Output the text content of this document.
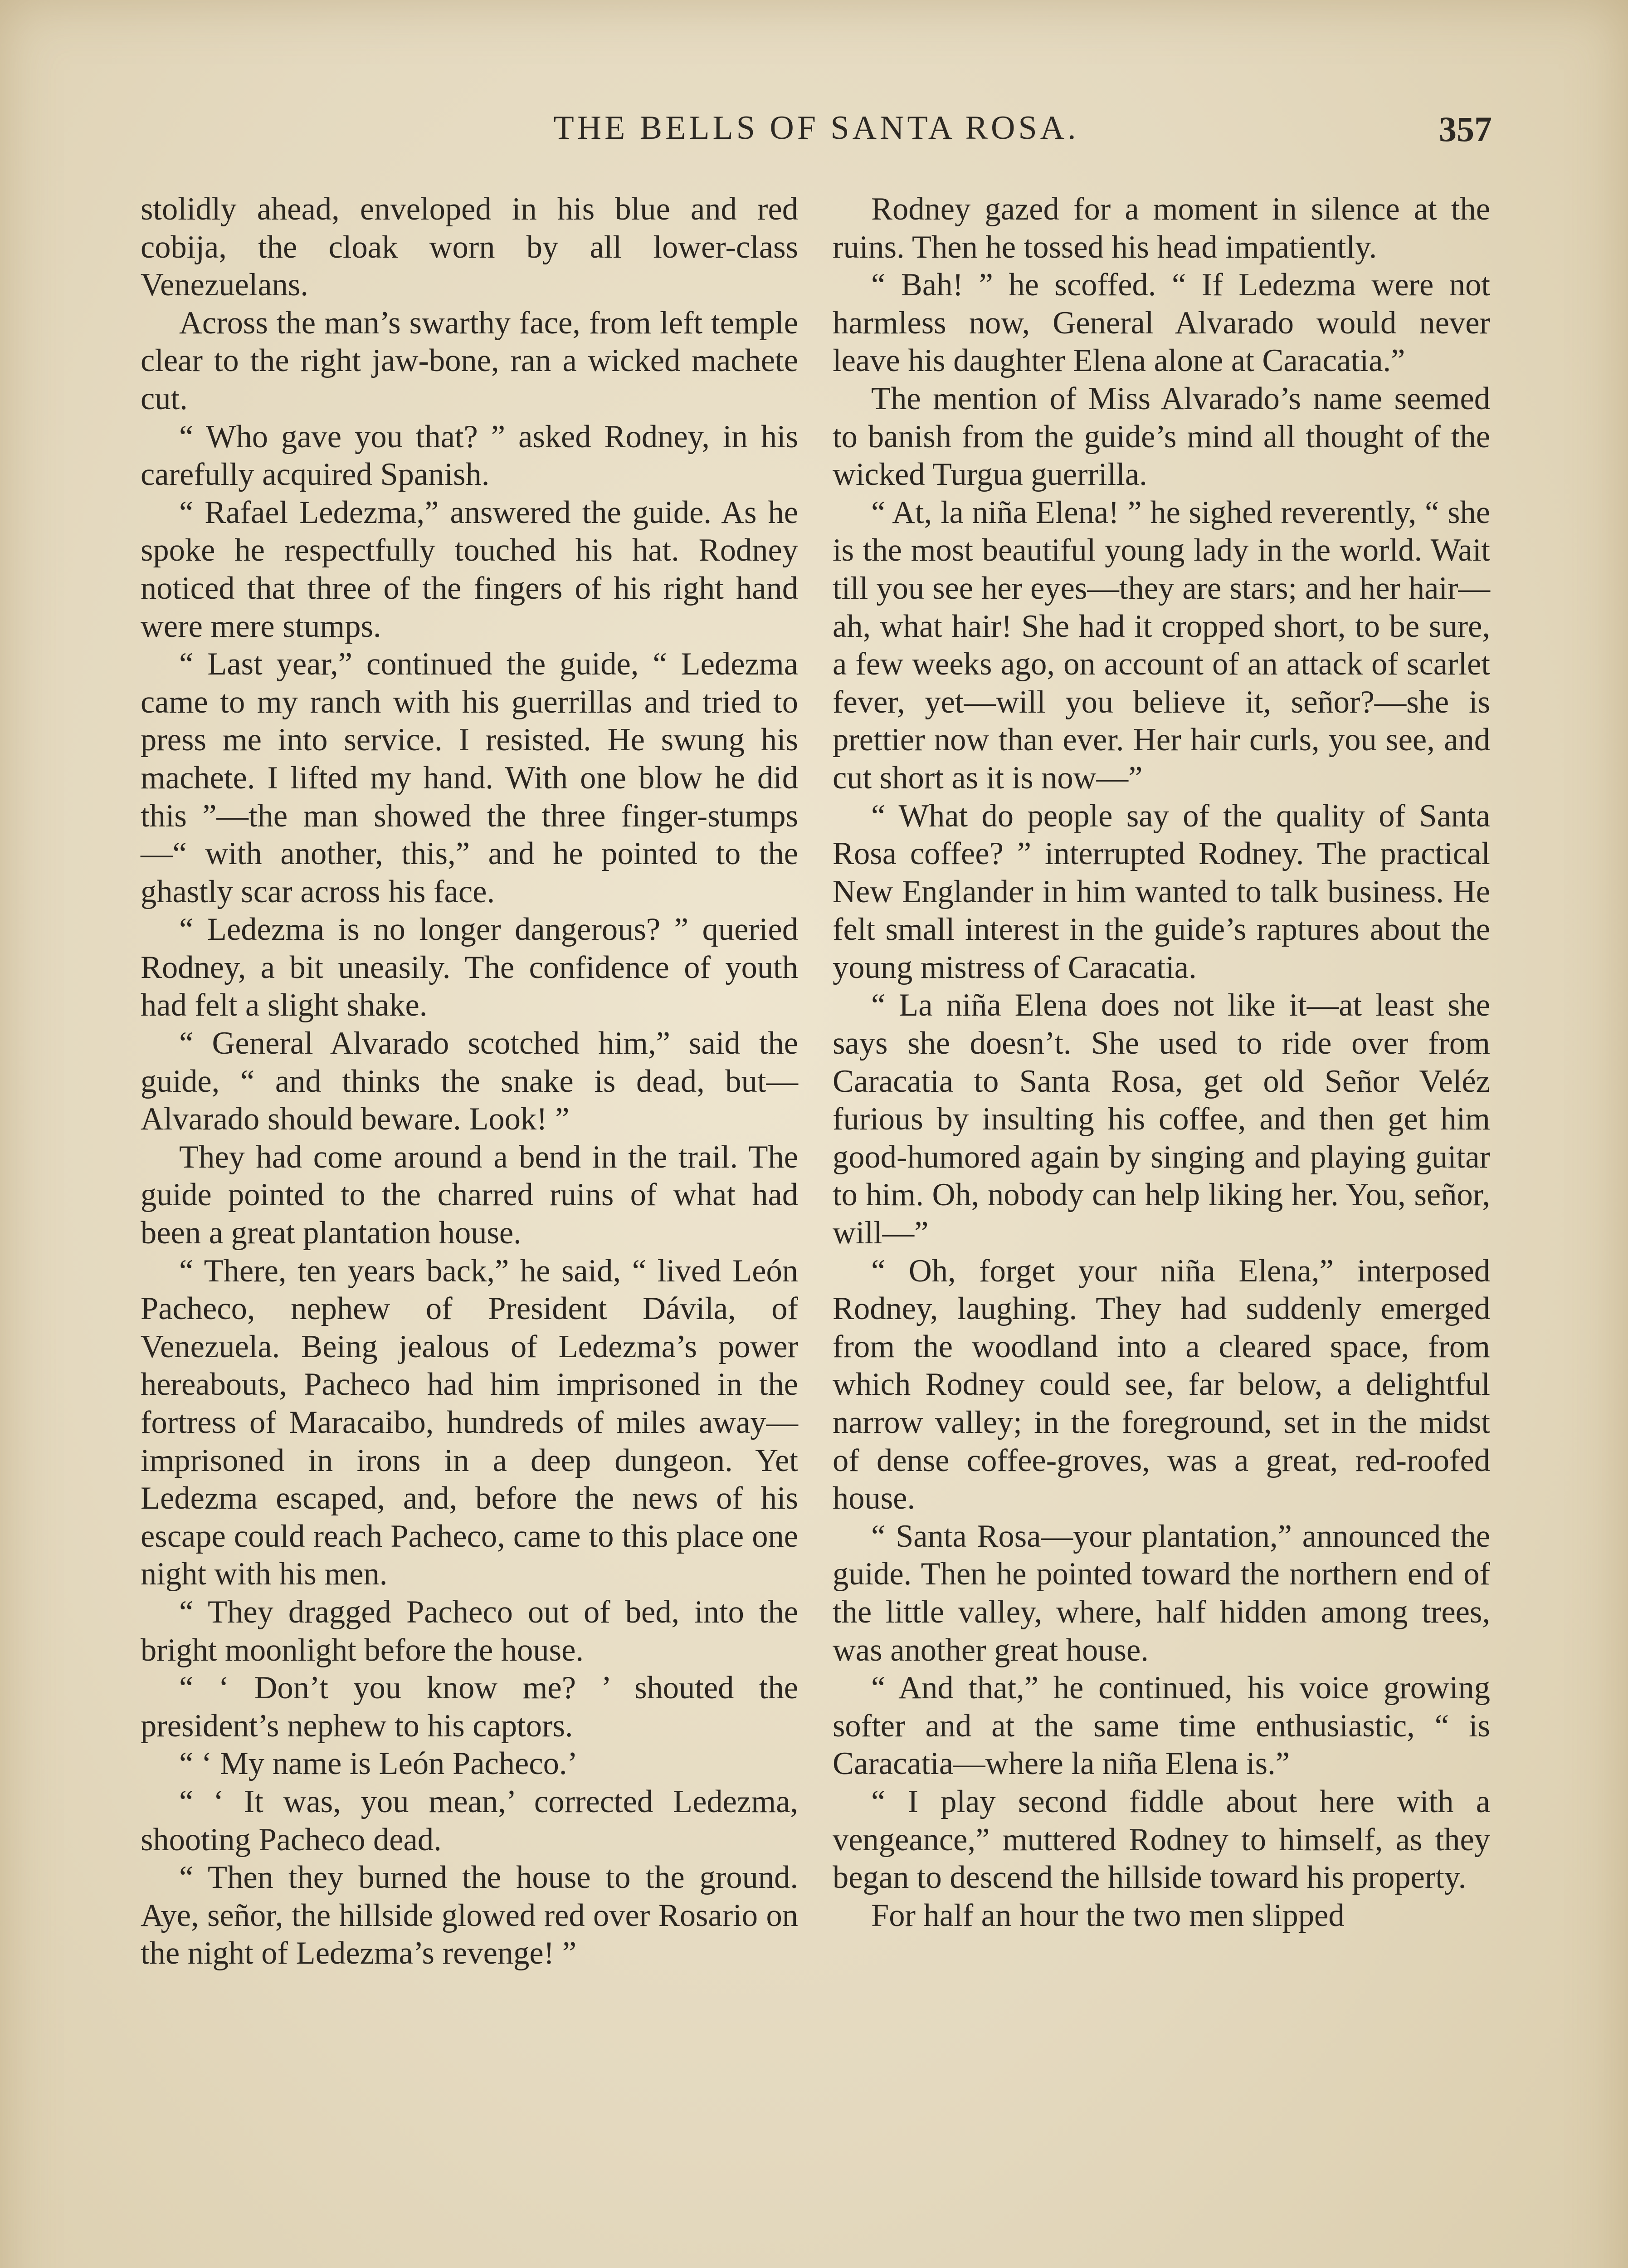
THE BELLS OF SANTA ROSA.	357

stolidly ahead, enveloped in his blue and red cobija, the cloak worn by all lower-class Venezuelans.

Across the man’s swarthy face, from left temple clear to the right jaw-bone, ran a wicked machete cut.

“ Who gave you that? ” asked Rodney, in his carefully acquired Spanish.

“ Rafael Ledezma,” answered the guide. As he spoke he respectfully touched his hat. Rodney noticed that three of the fingers of his right hand were mere stumps.

“ Last year,” continued the guide, “ Ledezma came to my ranch with his guerrillas and tried to press me into service. I resisted. He swung his machete. I lifted my hand. With one blow he did this ”—the man showed the three finger-stumps—“ with another, this,” and he pointed to the ghastly scar across his face.

“ Ledezma is no longer dangerous? ” queried Rodney, a bit uneasily. The confidence of youth had felt a slight shake.

“ General Alvarado scotched him,” said the guide, “ and thinks the snake is dead, but—Alvarado should beware. Look! ”

They had come around a bend in the trail. The guide pointed to the charred ruins of what had been a great plantation house.

“ There, ten years back,” he said, “ lived León Pacheco, nephew of President Dávila, of Venezuela. Being jealous of Ledezma’s power hereabouts, Pacheco had him imprisoned in the fortress of Maracaibo, hundreds of miles away—imprisoned in irons in a deep dungeon. Yet Ledezma escaped, and, before the news of his escape could reach Pacheco, came to this place one night with his men.

“ They dragged Pacheco out of bed, into the bright moonlight before the house.

“ ‘ Don’t you know me? ’ shouted the president’s nephew to his captors.

“ ‘ My name is León Pacheco.’

“ ‘ It was, you mean,’ corrected Ledezma, shooting Pacheco dead.

“ Then they burned the house to the ground. Aye, señor, the hillside glowed red over Rosario on the night of Ledezma’s revenge! ”

Rodney gazed for a moment in silence at the ruins. Then he tossed his head impatiently.

“ Bah! ” he scoffed. “ If Ledezma were not harmless now, General Alvarado would never leave his daughter Elena alone at Caracatia.”

The mention of Miss Alvarado’s name seemed to banish from the guide’s mind all thought of the wicked Turgua guerrilla.

“ At, la niña Elena! ” he sighed reverently, “ she is the most beautiful young lady in the world. Wait till you see her eyes—they are stars; and her hair—ah, what hair! She had it cropped short, to be sure, a few weeks ago, on account of an attack of scarlet fever, yet—will you believe it, señor?—she is prettier now than ever. Her hair curls, you see, and cut short as it is now—”

“ What do people say of the quality of Santa Rosa coffee? ” interrupted Rodney. The practical New Englander in him wanted to talk business. He felt small interest in the guide’s raptures about the young mistress of Caracatia.

“ La niña Elena does not like it—at least she says she doesn’t. She used to ride over from Caracatia to Santa Rosa, get old Señor Veléz furious by insulting his coffee, and then get him good-humored again by singing and playing guitar to him. Oh, nobody can help liking her. You, señor, will—”

“ Oh, forget your niña Elena,” interposed Rodney, laughing. They had suddenly emerged from the woodland into a cleared space, from which Rodney could see, far below, a delightful narrow valley; in the foreground, set in the midst of dense coffee-groves, was a great, red-roofed house.

“ Santa Rosa—your plantation,” announced the guide. Then he pointed toward the northern end of the little valley, where, half hidden among trees, was another great house.

“ And that,” he continued, his voice growing softer and at the same time enthusiastic, “ is Caracatia—where la niña Elena is.”

“ I play second fiddle about here with a vengeance,” muttered Rodney to himself, as they began to descend the hillside toward his property.

For half an hour the two men slipped
